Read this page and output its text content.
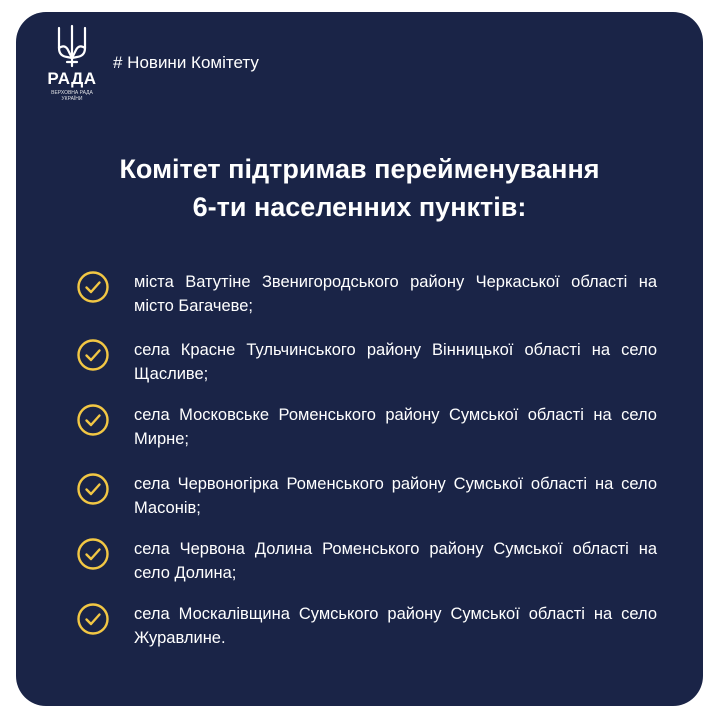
РАДА
ВЕРХОВНА РАДА УКРАЇНИ
# Новини Комітету
Комітет підтримав перейменування
6-ти населенних пунктів:
міста Ватутіне Звенигородського району Черкаської області на місто Багачеве;
села Красне Тульчинського району Вінницької області на село Щасливе;
села Московське Роменського району Сумської області на село Мирне;
села Червоногірка Роменського району Сумської області на село Масонів;
села Червона Долина Роменського району Сумської області на село Долина;
села Москалівщина Сумського району Сумської області на село Журавлине.
